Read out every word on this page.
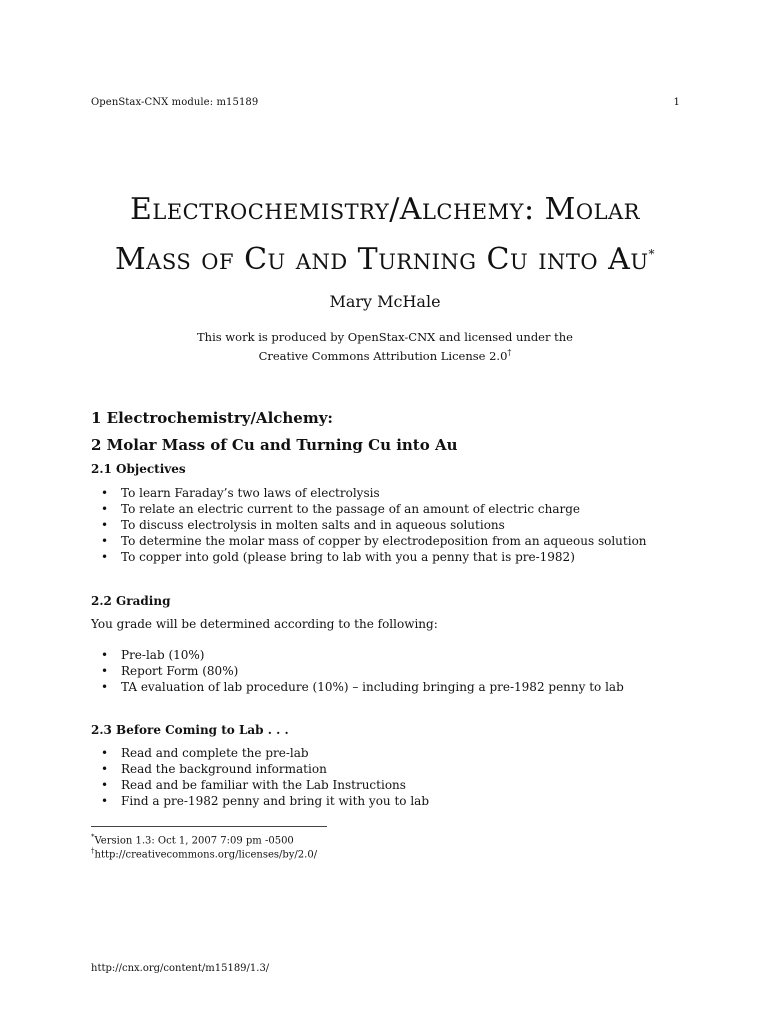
OpenStax-CNX module: m15189	1
Electrochemistry/Alchemy: Molar
Mass of Cu and Turning Cu into Au*
Mary McHale
This work is produced by OpenStax-CNX and licensed under the
Creative Commons Attribution License 2.0†
1 Electrochemistry/Alchemy:
2 Molar Mass of Cu and Turning Cu into Au
2.1 Objectives
• To learn Faraday’s two laws of electrolysis
• To relate an electric current to the passage of an amount of electric charge
• To discuss electrolysis in molten salts and in aqueous solutions
• To determine the molar mass of copper by electrodeposition from an aqueous solution
• To copper into gold (please bring to lab with you a penny that is pre-1982)
2.2 Grading
You grade will be determined according to the following:
• Pre-lab (10%)
• Report Form (80%)
• TA evaluation of lab procedure (10%) – including bringing a pre-1982 penny to lab
2.3 Before Coming to Lab . . .
• Read and complete the pre-lab
• Read the background information
• Read and be familiar with the Lab Instructions
• Find a pre-1982 penny and bring it with you to lab
*Version 1.3: Oct 1, 2007 7:09 pm -0500
†http://creativecommons.org/licenses/by/2.0/
http://cnx.org/content/m15189/1.3/
